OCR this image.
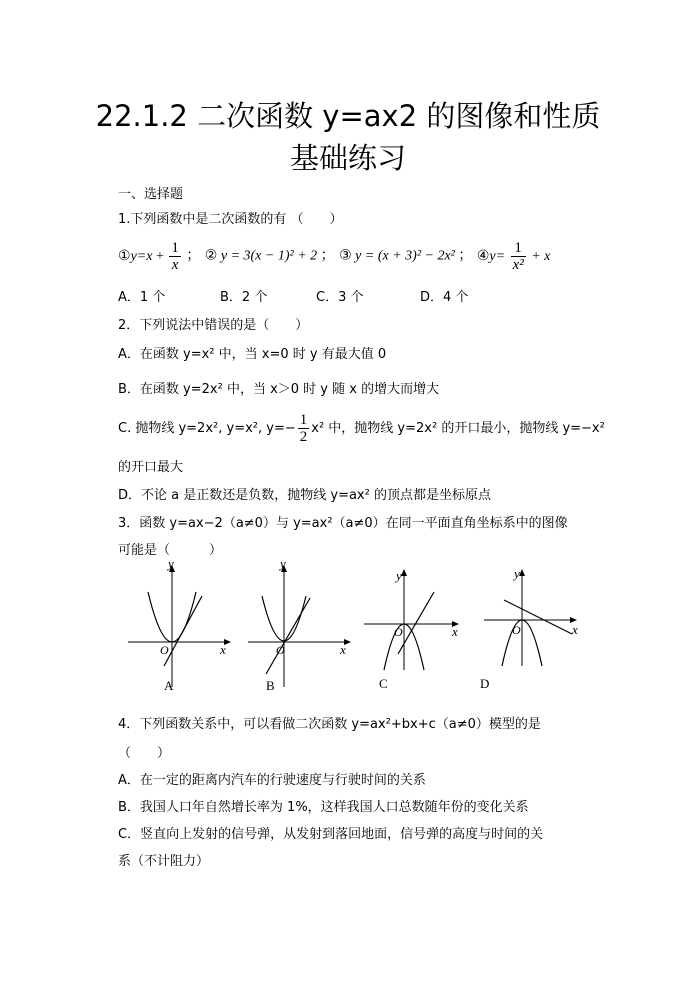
22.1.2 二次函数 y=ax2 的图像和性质
基础练习
一、选择题
1.下列函数中是二次函数的有 （　　）
①y=x + $\frac{1}{x}$ ； ② y = 3(x − 1)² + 2 ； ③ y = (x + 3)² − 2x² ； ④y= $\frac{1}{\text{x²}} + x$
A．1 个	B．2 个	C．3 个	D．4 个
2．下列说法中错误的是（　　）
A．在函数 y=x² 中，当 x=0 时 y 有最大值 0
B．在函数 y=2x² 中，当 x＞0 时 y 随 x 的增大而增大
C. 抛物线 y=2x², y=x², $y=- \frac{1}{2} x^2$ 中，抛物线 y=2x² 的开口最小，抛物线 y=−x²
的开口最大
D．不论 a 是正数还是负数，抛物线 y=ax² 的顶点都是坐标原点
3．函数 y=ax−2（a≠0）与 y=ax²（a≠0）在同一平面直角坐标系中的图像
可能是（　　　）
y
x
O
A
y
x
O
B
y
x
O
C
y
x
O
D
4．下列函数关系中，可以看做二次函数 y=ax²+bx+c（a≠0）模型的是
（　　）
A．在一定的距离内汽车的行驶速度与行驶时间的关系
B．我国人口年自然增长率为 1%，这样我国人口总数随年份的变化关系
C．竖直向上发射的信号弹，从发射到落回地面，信号弹的高度与时间的关
系（不计阻力）
